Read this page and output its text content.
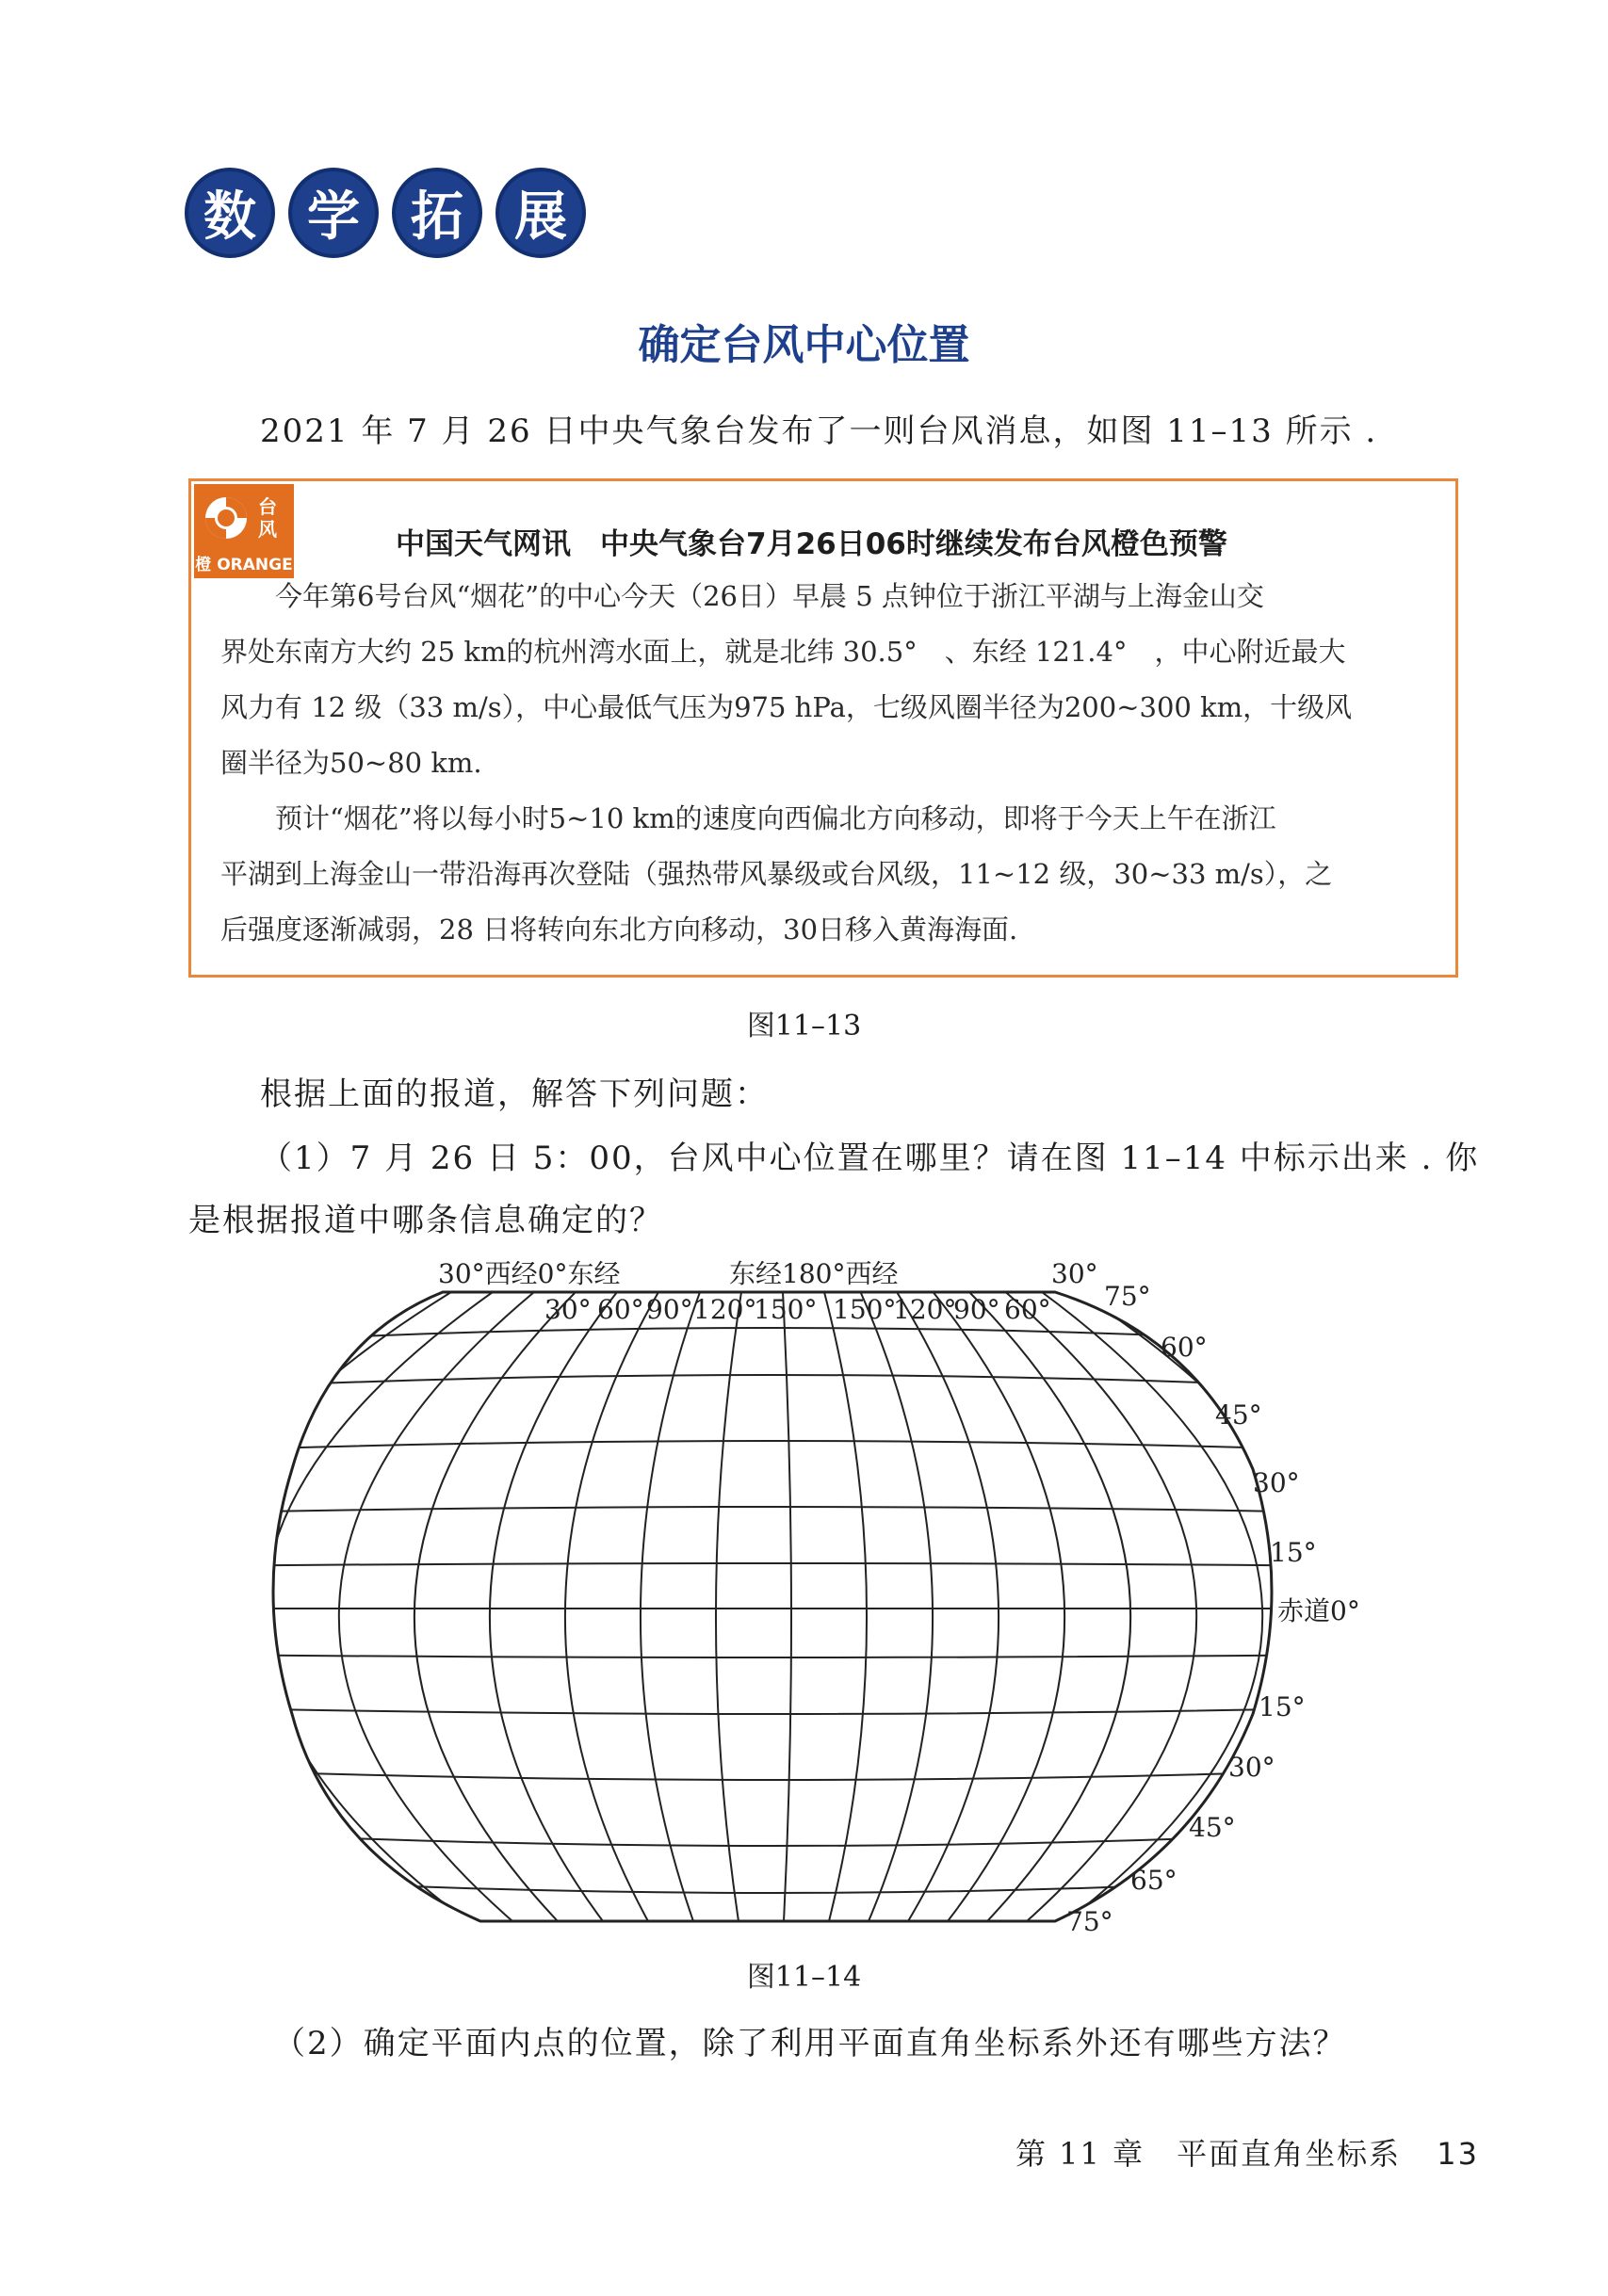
数 学 拓 展
确定台风中心位置
2021 年 7 月 26 日中央气象台发布了一则台风消息，如图 11–13 所示 .
台
风
橙 ORANGE
中国天气网讯　中央气象台7月26日06时继续发布台风橙色预警
　　今年第6号台风“烟花”的中心今天（26日）早晨 5 点钟位于浙江平湖与上海金山交
界处东南方大约 25 km的杭州湾水面上，就是北纬 30.5°　、东经 121.4°　，中心附近最大
风力有 12 级（33 m/s），中心最低气压为975 hPa，七级风圈半径为200~300 km，十级风
圈半径为50~80 km.
　　预计“烟花”将以每小时5~10 km的速度向西偏北方向移动，即将于今天上午在浙江
平湖到上海金山一带沿海再次登陆（强热带风暴级或台风级，11~12 级，30~33 m/s），之
后强度逐渐减弱，28 日将转向东北方向移动，30日移入黄海海面.
图11–13
根据上面的报道，解答下列问题：
（1）7 月 26 日 5：00，台风中心位置在哪里？请在图 11–14 中标示出来 . 你
是根据报道中哪条信息确定的？
30°西经0°东经	东经180°西经	30°
30° 60° 90° 120°
150° 150°
120°
90° 60° 75°
60°
45°
30°
15°
赤道0°
15°
30°
45°
65°
75°
图11–14
（2）确定平面内点的位置，除了利用平面直角坐标系外还有哪些方法？
第 11 章　平面直角坐标系 13
